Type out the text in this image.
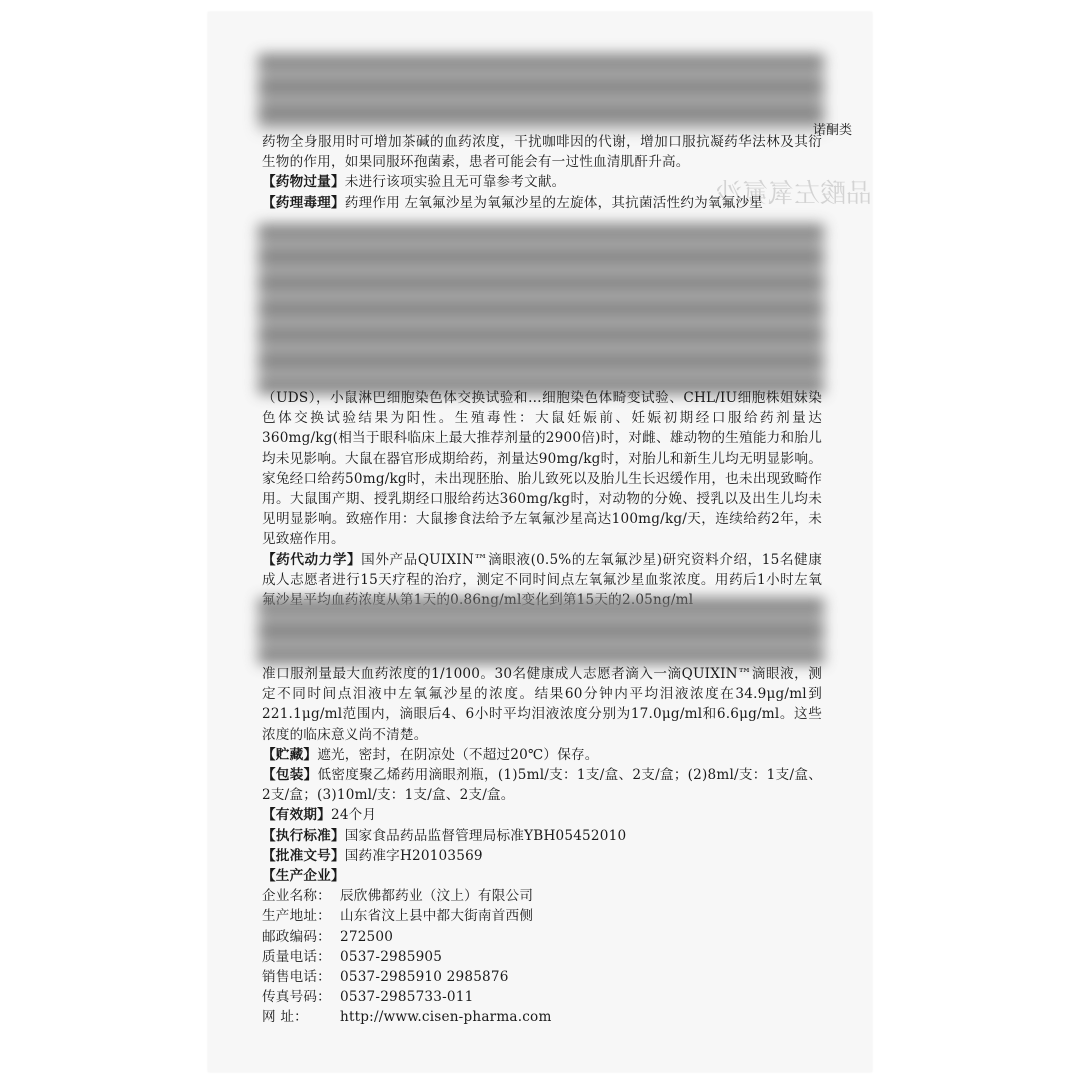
品酸左氧氟沙
诺酮类
药物全身服用时可增加茶碱的血药浓度，干扰咖啡因的代谢，增加口服抗凝药华法林及其衍生物的作用，如果同服环孢菌素，患者可能会有一过性血清肌酐升高。
【药物过量】未进行该项实验且无可靠参考文献。
【药理毒理】药理作用 左氧氟沙星为氧氟沙星的左旋体，其抗菌活性约为氧氟沙星
（UDS），小鼠淋巴细胞染色体交换试验和…细胞染色体畸变试验、CHL/IU细胞株姐妹染色体交换试验结果为阳性。生殖毒性：大鼠妊娠前、妊娠初期经口服给药剂量达360mg/kg(相当于眼科临床上最大推荐剂量的2900倍)时，对雌、雄动物的生殖能力和胎儿均未见影响。大鼠在器官形成期给药，剂量达90mg/kg时，对胎儿和新生儿均无明显影响。家兔经口给药50mg/kg时，未出现胚胎、胎儿致死以及胎儿生长迟缓作用，也未出现致畸作用。大鼠围产期、授乳期经口服给药达360mg/kg时，对动物的分娩、授乳以及出生儿均未见明显影响。致癌作用：大鼠掺食法给予左氧氟沙星高达100mg/kg/天，连续给药2年，未见致癌作用。
【药代动力学】国外产品QUIXIN™滴眼液(0.5%的左氧氟沙星)研究资料介绍，15名健康成人志愿者进行15天疗程的治疗，测定不同时间点左氧氟沙星血浆浓度。用药后1小时左氧
准口服剂量最大血药浓度的1/1000。30名健康成人志愿者滴入一滴QUIXIN™滴眼液，测定不同时间点泪液中左氧氟沙星的浓度。结果60分钟内平均泪液浓度在34.9μg/ml到221.1μg/ml范围内，滴眼后4、6小时平均泪液浓度分别为17.0μg/ml和6.6μg/ml。这些浓度的临床意义尚不清楚。
【贮藏】遮光，密封，在阴凉处（不超过20℃）保存。
【包装】低密度聚乙烯药用滴眼剂瓶，(1)5ml/支：1支/盒、2支/盒；(2)8ml/支：1支/盒、2支/盒；(3)10ml/支：1支/盒、2支/盒。
【有效期】24个月
【执行标准】国家食品药品监督管理局标准YBH05452010
【批准文号】国药准字H20103569
【生产企业】

企业名称： 辰欣佛都药业（汶上）有限公司
生产地址： 山东省汶上县中都大街南首西侧
邮政编码： 272500
质量电话： 0537-2985905
销售电话： 0537-2985910 2985876
传真号码： 0537-2985733-011
网 址： http://www.cisen-pharma.com
